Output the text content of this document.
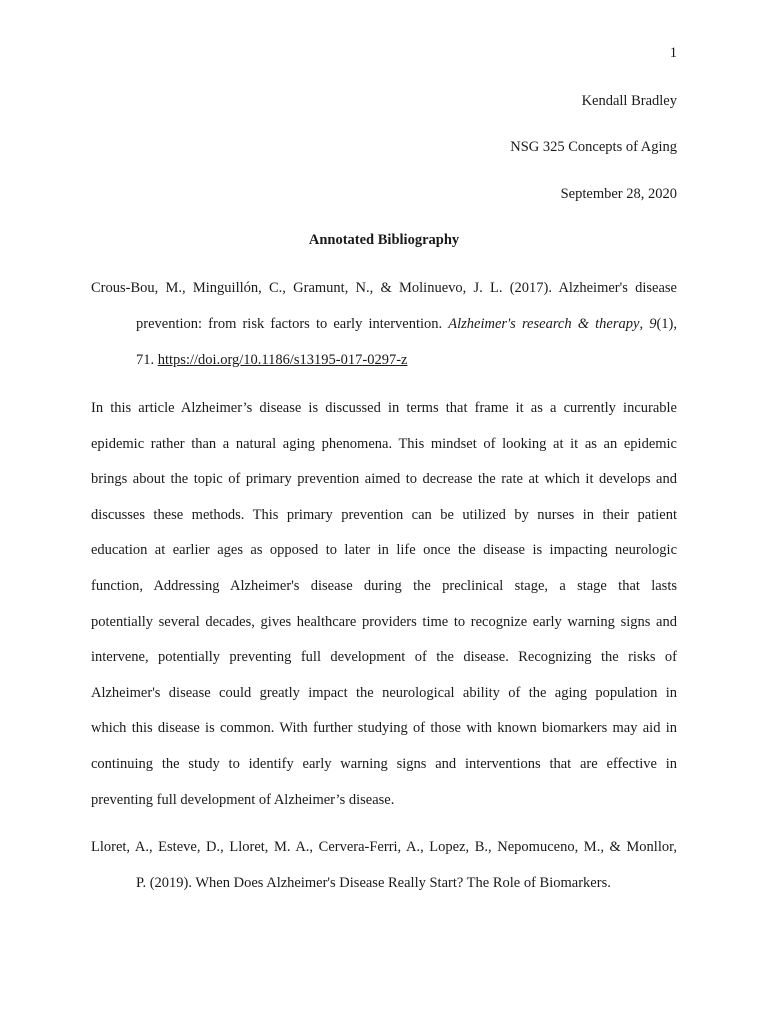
1
Kendall Bradley
NSG 325 Concepts of Aging
September 28, 2020
Annotated Bibliography
Crous-Bou, M., Minguillón, C., Gramunt, N., & Molinuevo, J. L. (2017). Alzheimer's disease
prevention: from risk factors to early intervention. Alzheimer's research & therapy, 9(1),
71. https://doi.org/10.1186/s13195-017-0297-z
In this article Alzheimer’s disease is discussed in terms that frame it as a currently incurable
epidemic rather than a natural aging phenomena. This mindset of looking at it as an epidemic
brings about the topic of primary prevention aimed to decrease the rate at which it develops and
discusses these methods. This primary prevention can be utilized by nurses in their patient
education at earlier ages as opposed to later in life once the disease is impacting neurologic
function, Addressing Alzheimer's disease during the preclinical stage, a stage that lasts
potentially several decades, gives healthcare providers time to recognize early warning signs and
intervene, potentially preventing full development of the disease. Recognizing the risks of
Alzheimer's disease could greatly impact the neurological ability of the aging population in
which this disease is common. With further studying of those with known biomarkers may aid in
continuing the study to identify early warning signs and interventions that are effective in
preventing full development of Alzheimer’s disease.
Lloret, A., Esteve, D., Lloret, M. A., Cervera-Ferri, A., Lopez, B., Nepomuceno, M., & Monllor,
P. (2019). When Does Alzheimer's Disease Really Start? The Role of Biomarkers.
